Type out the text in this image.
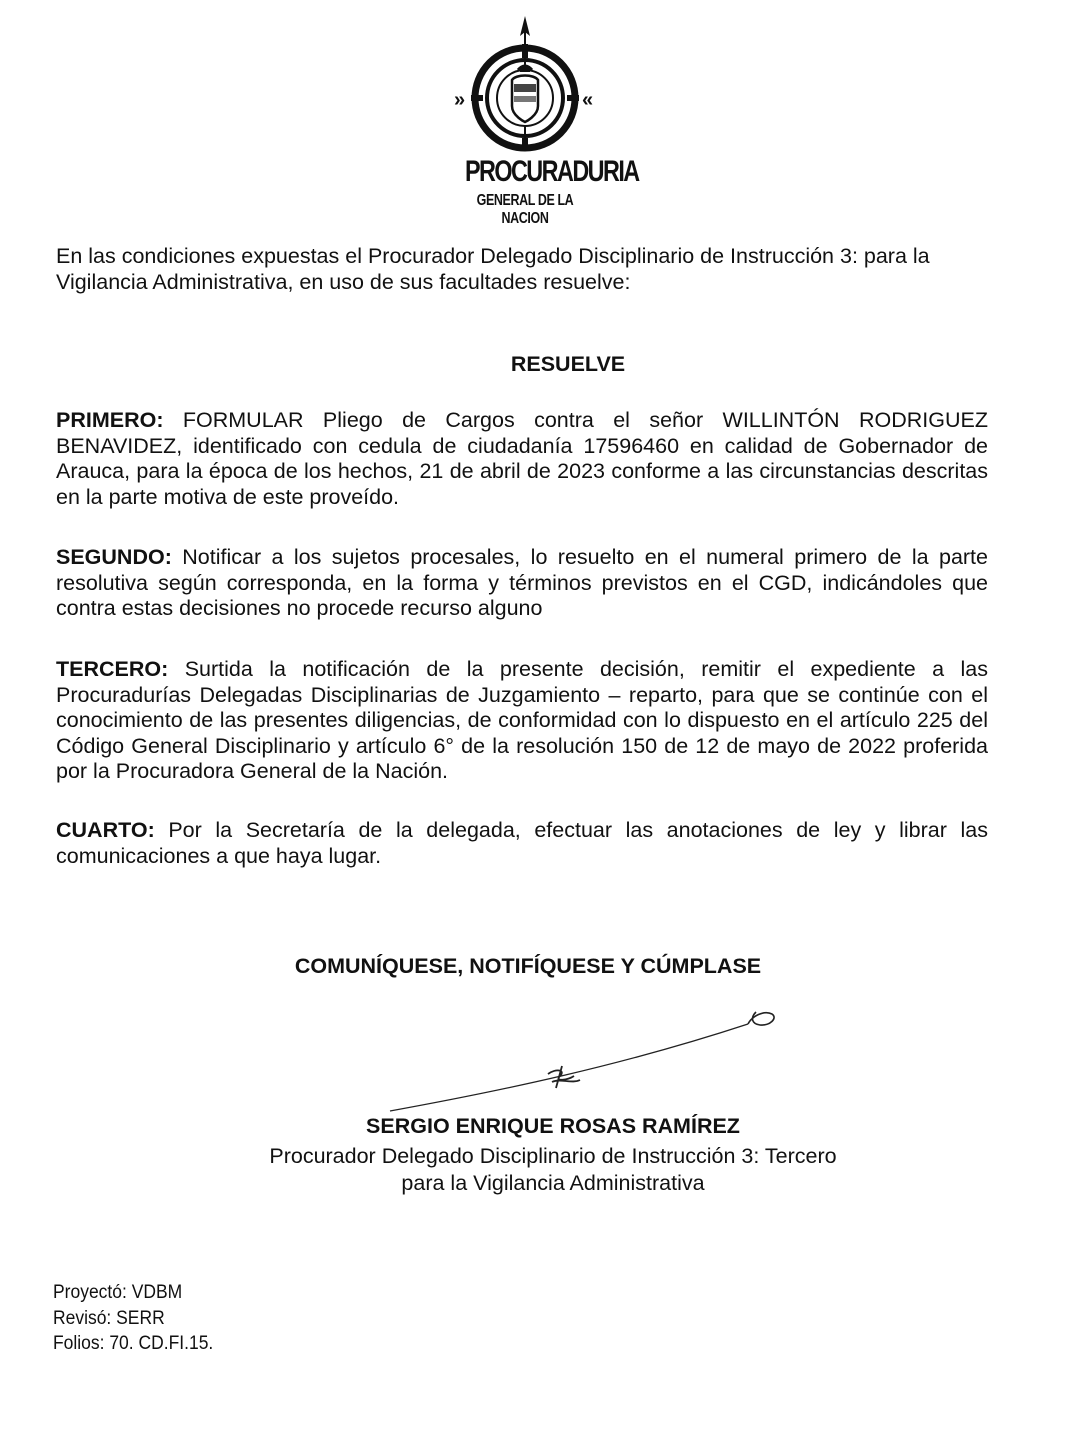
»	«
PROCURADURIA
GENERAL DE LA NACION

En las condiciones expuestas el Procurador Delegado Disciplinario de Instrucción 3: para la Vigilancia Administrativa, en uso de sus facultades resuelve:

RESUELVE

PRIMERO: FORMULAR Pliego de Cargos contra el señor WILLINTÓN RODRIGUEZ BENAVIDEZ, identificado con cedula de ciudadanía 17596460 en calidad de Gobernador de Arauca, para la época de los hechos, 21 de abril de 2023 conforme a las circunstancias descritas en la parte motiva de este proveído.

SEGUNDO: Notificar a los sujetos procesales, lo resuelto en el numeral primero de la parte resolutiva según corresponda, en la forma y términos previstos en el CGD, indicándoles que contra estas decisiones no procede recurso alguno

TERCERO: Surtida la notificación de la presente decisión, remitir el expediente a las Procuradurías Delegadas Disciplinarias de Juzgamiento – reparto, para que se continúe con el conocimiento de las presentes diligencias, de conformidad con lo dispuesto en el artículo 225 del Código General Disciplinario y artículo 6° de la resolución 150 de 12 de mayo de 2022 proferida por la Procuradora General de la Nación.

CUARTO: Por la Secretaría de la delegada, efectuar las anotaciones de ley y librar las comunicaciones a que haya lugar.

COMUNÍQUESE, NOTIFÍQUESE Y CÚMPLASE

SERGIO ENRIQUE ROSAS RAMÍREZ

Procurador Delegado Disciplinario de Instrucción 3: Tercero
para la Vigilancia Administrativa
Proyectó: VDBM
Revisó: SERR
Folios: 70. CD.FI.15.
